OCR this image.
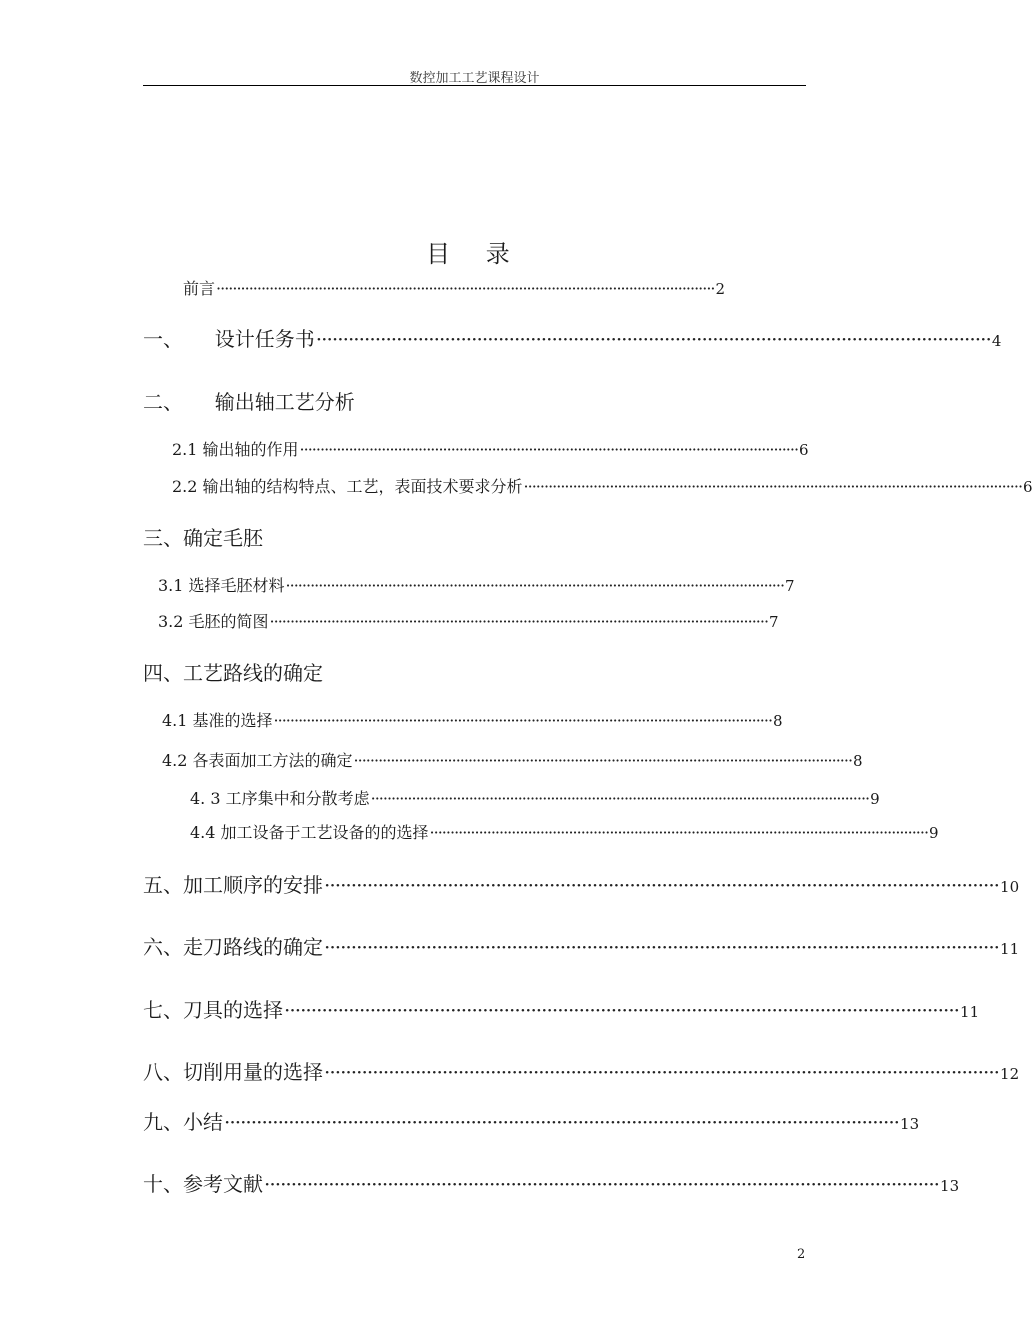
数控加工工艺课程设计
目 录
前言 ·························································································································· 2
一、     设计任务书 ······························································································································ 4
二、     输出轴工艺分析
2.1 输出轴的作用 ·························································································································· 6
2.2 输出轴的结构特点、工艺，表面技术要求分析 ·························································································································· 6
三、确定毛胚
3.1 选择毛胚材料 ·························································································································· 7
3.2 毛胚的简图 ·························································································································· 7
四、工艺路线的确定
4.1 基准的选择 ·························································································································· 8
4.2 各表面加工方法的确定 ·························································································································· 8
4. 3 工序集中和分散考虑 ·························································································································· 9
4.4 加工设备于工艺设备的的选择 ·························································································································· 9
五、加工顺序的安排 ······························································································································ 10
六、走刀路线的确定 ······························································································································ 11
七、刀具的选择 ······························································································································ 11
八、切削用量的选择 ······························································································································ 12
九、小结 ······························································································································ 13
十、参考文献 ······························································································································ 13
2
